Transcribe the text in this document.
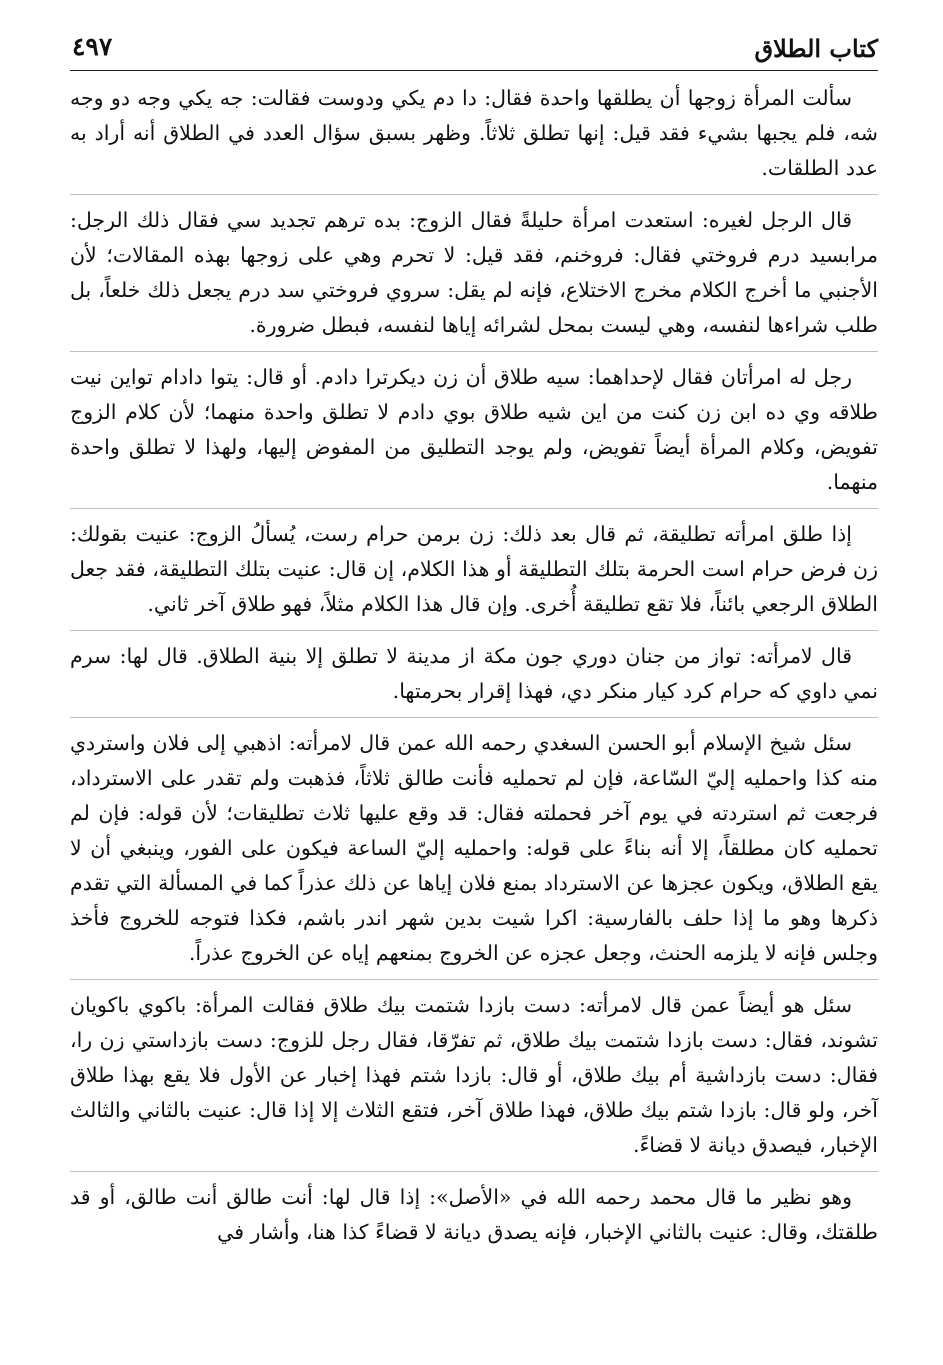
كتاب الطلاق
٤٩٧

سألت المرأة زوجها أن يطلقها واحدة فقال: دا دم يكي ودوست فقالت: جه يكي وجه دو وجه شه، فلم يجبها بشيء فقد قيل: إنها تطلق ثلاثاً. وظهر بسبق سؤال العدد في الطلاق أنه أراد به عدد الطلقات.

قال الرجل لغيره: استعدت امرأة حليلةً فقال الزوج: بده ترهم تجديد سي فقال ذلك الرجل: مرابسيد درم فروختي فقال: فروخنم، فقد قيل: لا تحرم وهي على زوجها بهذه المقالات؛ لأن الأجنبي ما أخرج الكلام مخرج الاختلاع، فإنه لم يقل: سروي فروختي سد درم يجعل ذلك خلعاً، بل طلب شراءها لنفسه، وهي ليست بمحل لشرائه إياها لنفسه، فبطل ضرورة.

رجل له امرأتان فقال لإحداهما: سيه طلاق أن زن ديكرترا دادم. أو قال: يتوا دادام تواين نيت طلاقه وي ده ابن زن كنت من اين شيه طلاق بوي دادم لا تطلق واحدة منهما؛ لأن كلام الزوج تفويض، وكلام المرأة أيضاً تفويض، ولم يوجد التطليق من المفوض إليها، ولهذا لا تطلق واحدة منهما.

إذا طلق امرأته تطليقة، ثم قال بعد ذلك: زن برمن حرام رست، يُسألُ الزوج: عنيت بقولك: زن فرض حرام است الحرمة بتلك التطليقة أو هذا الكلام، إن قال: عنيت بتلك التطليقة، فقد جعل الطلاق الرجعي بائناً، فلا تقع تطليقة أُخرى. وإن قال هذا الكلام مثلاً، فهو طلاق آخر ثاني.

قال لامرأته: تواز من جنان دوري جون مكة از مدينة لا تطلق إلا بنية الطلاق. قال لها: سرم نمي داوي كه حرام كرد كيار منكر دي، فهذا إقرار بحرمتها.

سئل شيخ الإسلام أبو الحسن السغدي رحمه الله عمن قال لامرأته: اذهبي إلى فلان واستردي منه كذا واحمليه إليّ السّاعة، فإن لم تحمليه فأنت طالق ثلاثاً، فذهبت ولم تقدر على الاسترداد، فرجعت ثم استردته في يوم آخر فحملته فقال: قد وقع عليها ثلاث تطليقات؛ لأن قوله: فإن لم تحمليه كان مطلقاً، إلا أنه بناءً على قوله: واحمليه إليّ الساعة فيكون على الفور، وينبغي أن لا يقع الطلاق، ويكون عجزها عن الاسترداد بمنع فلان إياها عن ذلك عذراً كما في المسألة التي تقدم ذكرها وهو ما إذا حلف بالفارسية: اكرا شيت بدين شهر اندر باشم، فكذا فتوجه للخروج فأخذ وجلس فإنه لا يلزمه الحنث، وجعل عجزه عن الخروج بمنعهم إياه عن الخروج عذراً.

سئل هو أيضاً عمن قال لامرأته: دست بازدا شتمت بيك طلاق فقالت المرأة: باكوي باكويان تشوند، فقال: دست بازدا شتمت بيك طلاق، ثم تفرّقا، فقال رجل للزوج: دست بازداستي زن را، فقال: دست بازداشية أم بيك طلاق، أو قال: بازدا شتم فهذا إخبار عن الأول فلا يقع بهذا طلاق آخر، ولو قال: بازدا شتم بيك طلاق، فهذا طلاق آخر، فتقع الثلاث إلا إذا قال: عنيت بالثاني والثالث الإخبار، فيصدق ديانة لا قضاءً.

وهو نظير ما قال محمد رحمه الله في «الأصل»: إذا قال لها: أنت طالق أنت طالق، أو قد طلقتك، وقال: عنيت بالثاني الإخبار، فإنه يصدق ديانة لا قضاءً كذا هنا، وأشار في
